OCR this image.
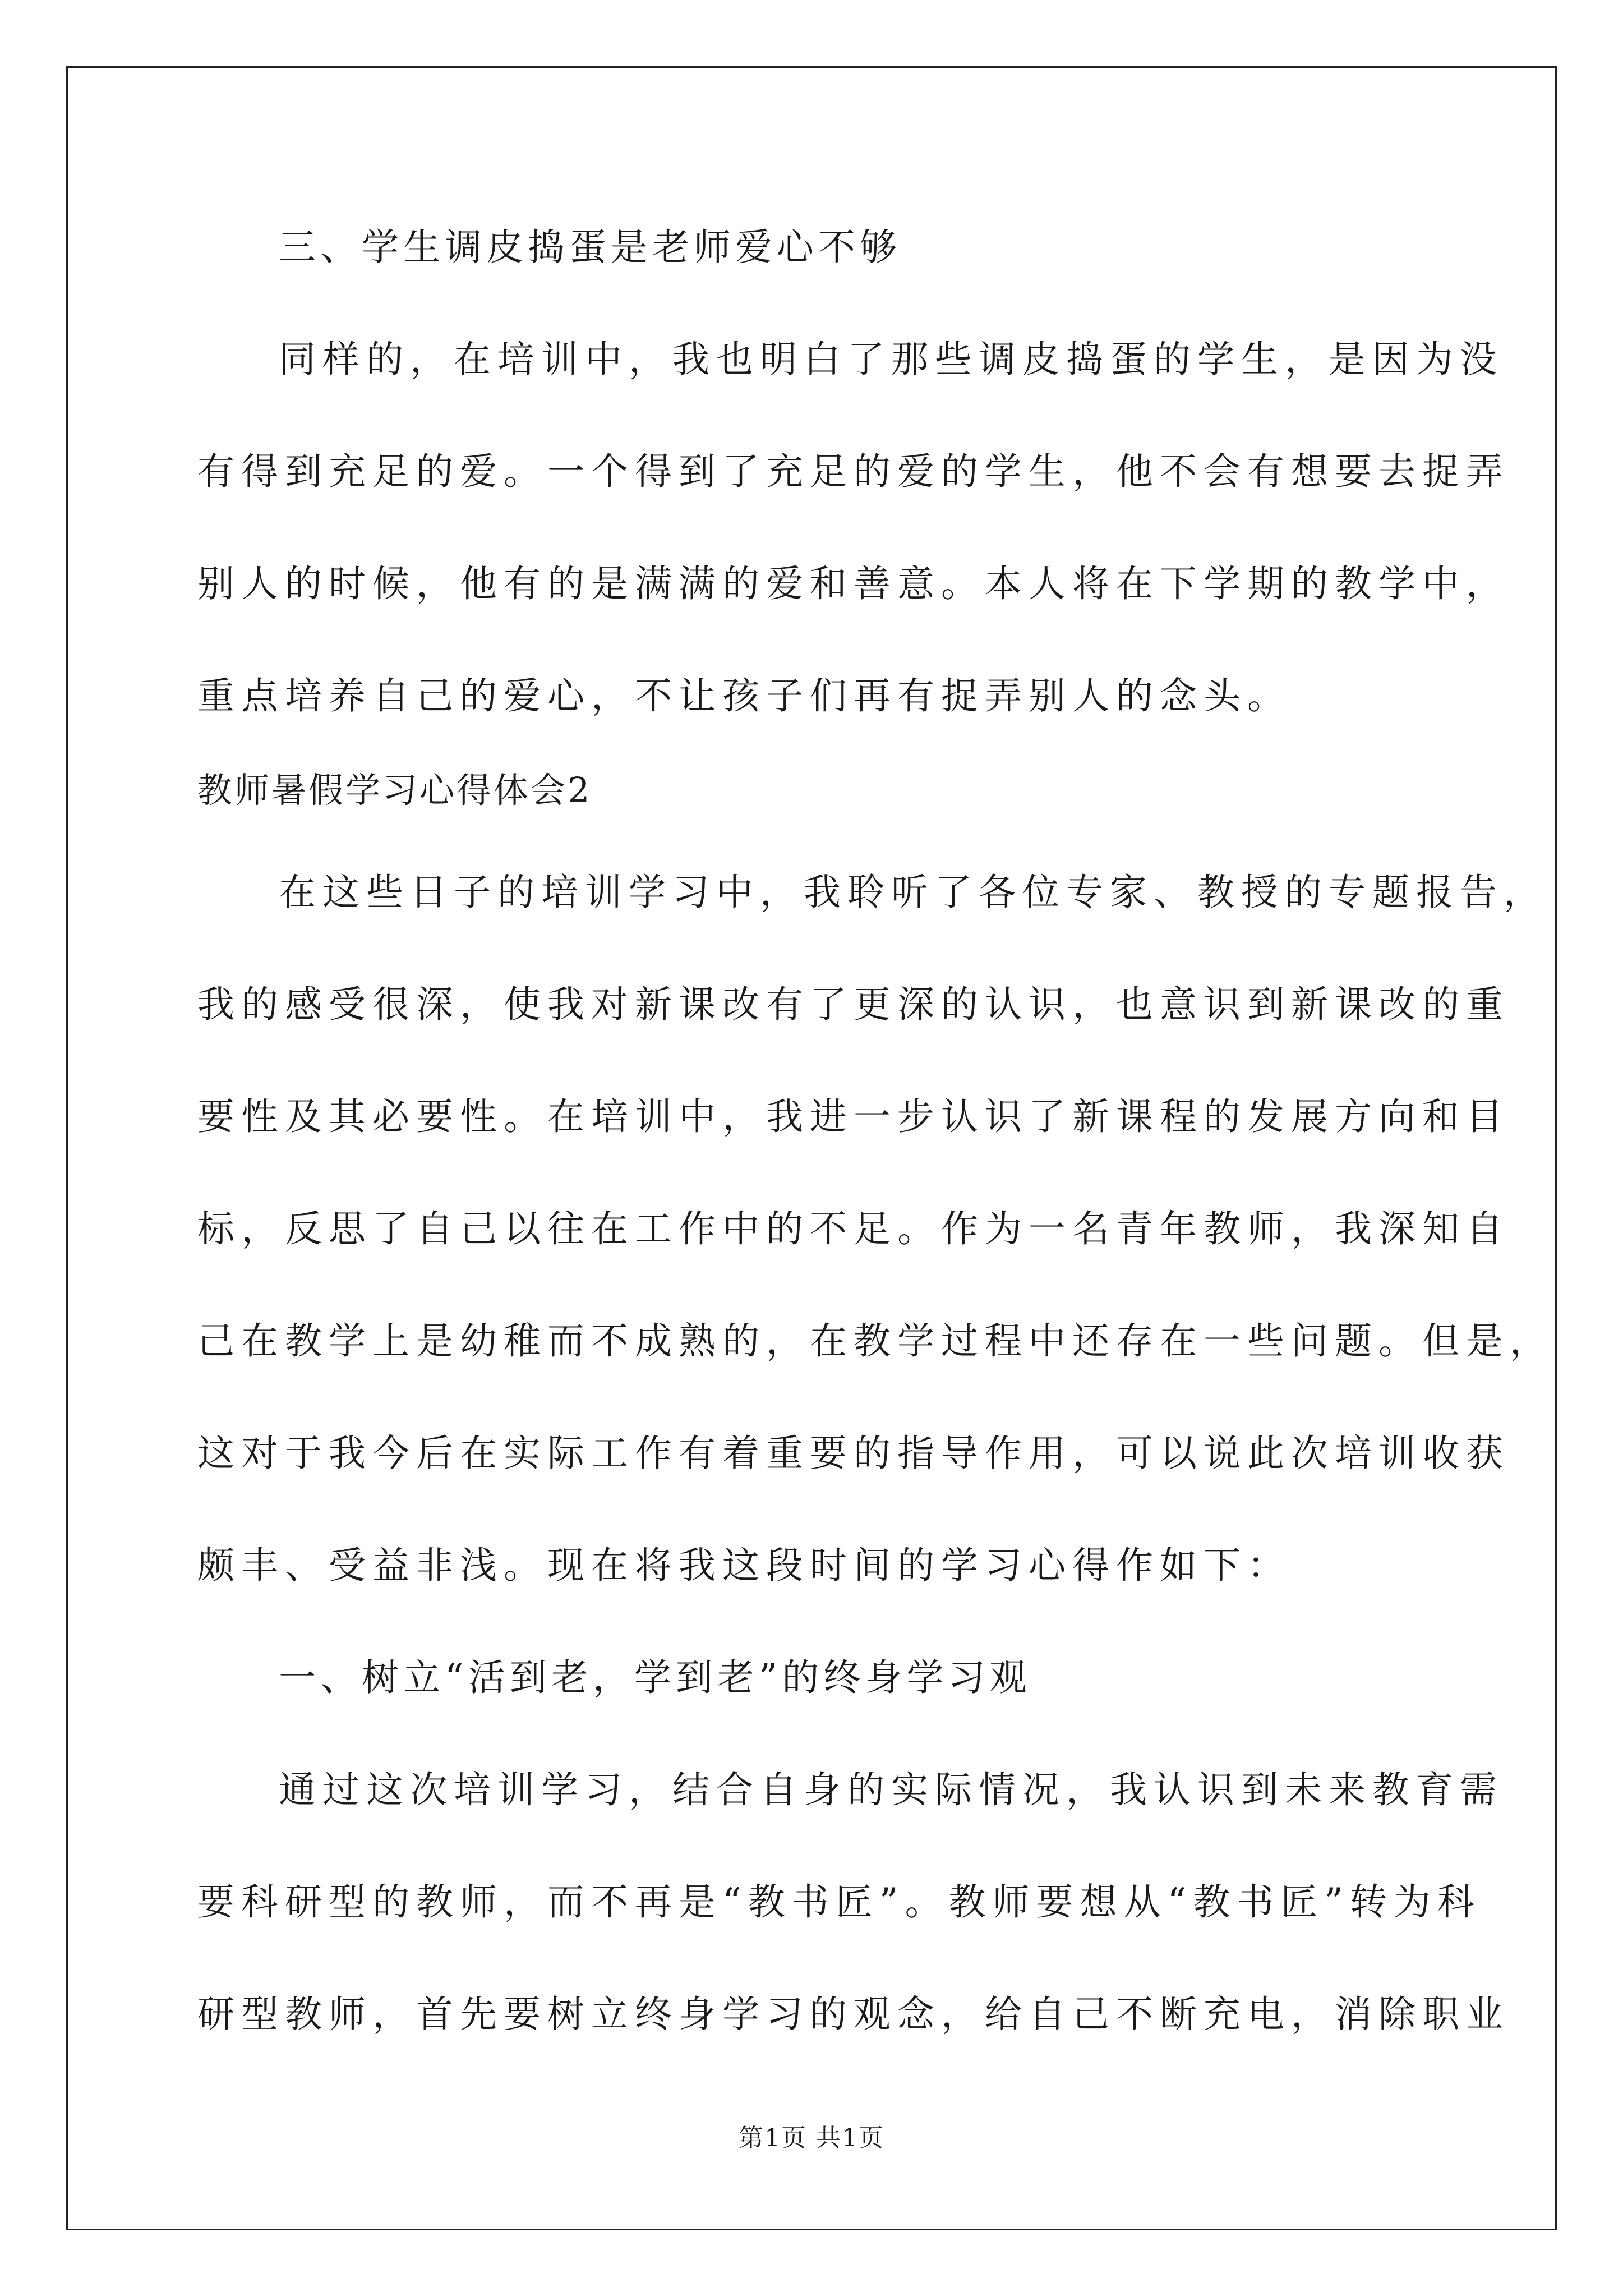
三、学生调皮捣蛋是老师爱心不够
同样的，在培训中，我也明白了那些调皮捣蛋的学生，是因为没
有得到充足的爱。一个得到了充足的爱的学生，他不会有想要去捉弄
别人的时候，他有的是满满的爱和善意。本人将在下学期的教学中，
重点培养自己的爱心，不让孩子们再有捉弄别人的念头。
教师暑假学习心得体会2
在这些日子的培训学习中，我聆听了各位专家、教授的专题报告，
我的感受很深，使我对新课改有了更深的认识，也意识到新课改的重
要性及其必要性。在培训中，我进一步认识了新课程的发展方向和目
标，反思了自己以往在工作中的不足。作为一名青年教师，我深知自
己在教学上是幼稚而不成熟的，在教学过程中还存在一些问题。但是，
这对于我今后在实际工作有着重要的指导作用，可以说此次培训收获
颇丰、受益非浅。现在将我这段时间的学习心得作如下：
一、树立“活到老，学到老”的终身学习观
通过这次培训学习，结合自身的实际情况，我认识到未来教育需
要科研型的教师，而不再是“教书匠”。教师要想从“教书匠”转为科
研型教师，首先要树立终身学习的观念，给自己不断充电，消除职业
第1页 共1页
